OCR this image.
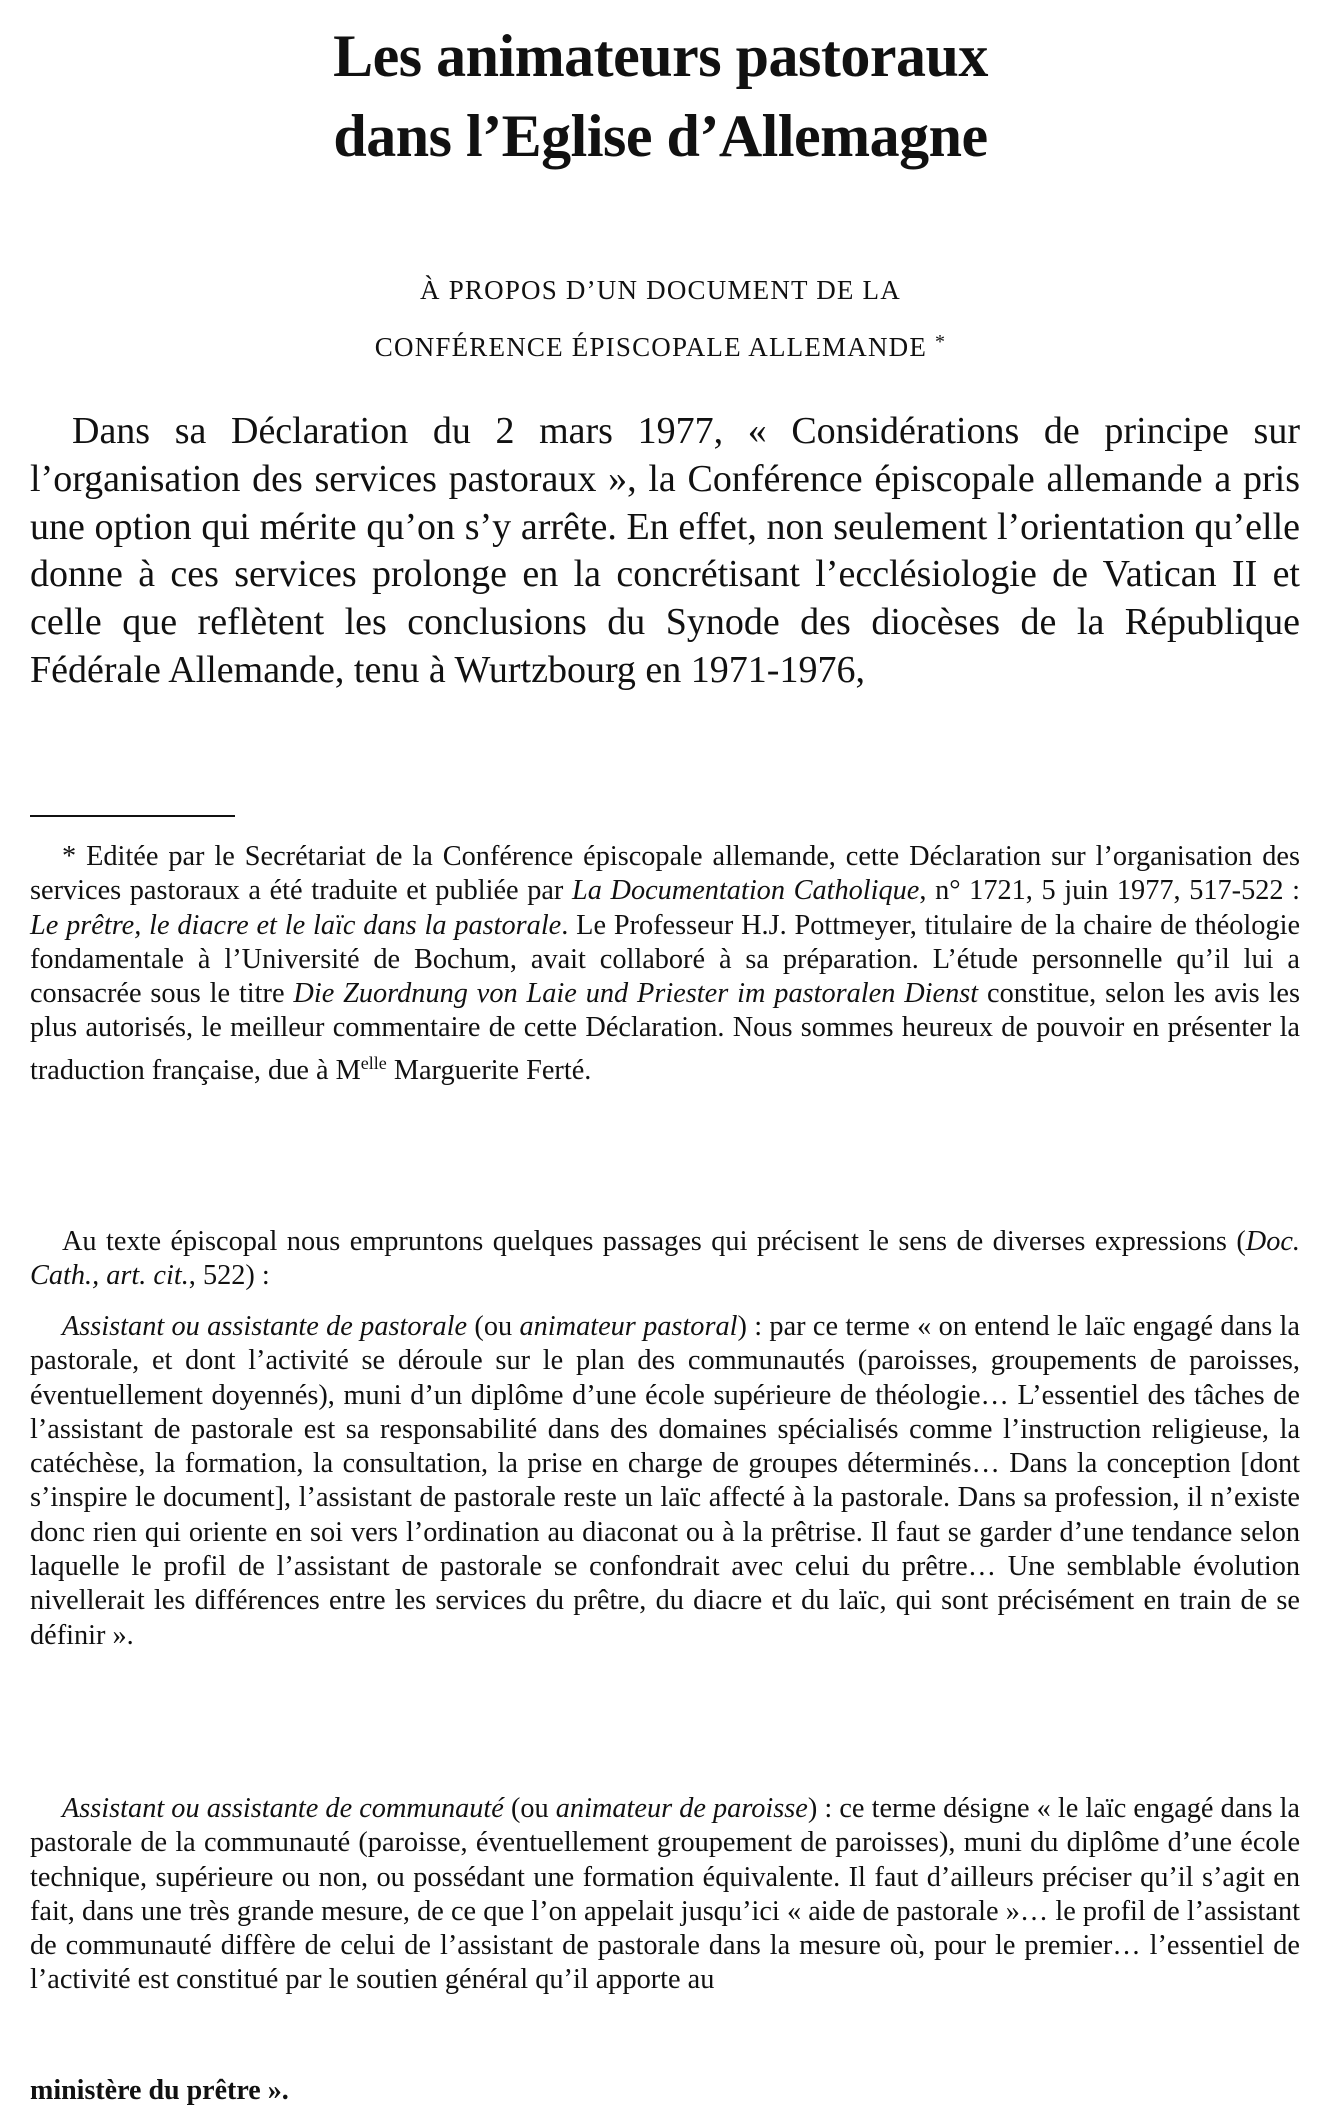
Les animateurs pastoraux
dans l’Eglise d’Allemagne
À PROPOS D’UN DOCUMENT DE LA
CONFÉRENCE ÉPISCOPALE ALLEMANDE *

Dans sa Déclaration du 2 mars 1977, « Considérations de principe sur l’organisation des services pastoraux », la Conférence épiscopale allemande a pris une option qui mérite qu’on s’y arrête. En effet, non seulement l’orientation qu’elle donne à ces services prolonge en la concrétisant l’ecclésiologie de Vatican II et celle que reflètent les conclusions du Synode des diocèses de la République Fédérale Allemande, tenu à Wurtzbourg en 1971-1976,

* Editée par le Secrétariat de la Conférence épiscopale allemande, cette Déclaration sur l’organisation des services pastoraux a été traduite et publiée par La Documentation Catholique, n° 1721, 5 juin 1977, 517-522 : Le prêtre, le diacre et le laïc dans la pastorale. Le Professeur H.J. Pottmeyer, titulaire de la chaire de théologie fondamentale à l’Université de Bochum, avait collaboré à sa préparation. L’étude personnelle qu’il lui a consacrée sous le titre Die Zuordnung von Laie und Priester im pastoralen Dienst constitue, selon les avis les plus autorisés, le meilleur commentaire de cette Déclaration. Nous sommes heureux de pouvoir en présenter la traduction française, due à $M^{elle}$ Marguerite Ferté.

Au texte épiscopal nous empruntons quelques passages qui précisent le sens de diverses expressions (Doc. Cath., art. cit., 522) :

Assistant ou assistante de pastorale (ou animateur pastoral) : par ce terme « on entend le laïc engagé dans la pastorale, et dont l’activité se déroule sur le plan des communautés (paroisses, groupements de paroisses, éventuellement doyennés), muni d’un diplôme d’une école supérieure de théologie… L’essentiel des tâches de l’assistant de pastorale est sa responsabilité dans des domaines spécialisés comme l’instruction religieuse, la catéchèse, la formation, la consultation, la prise en charge de groupes déterminés… Dans la conception [dont s’inspire le document], l’assistant de pastorale reste un laïc affecté à la pastorale. Dans sa profession, il n’existe donc rien qui oriente en soi vers l’ordination au diaconat ou à la prêtrise. Il faut se garder d’une tendance selon laquelle le profil de l’assistant de pastorale se confondrait avec celui du prêtre… Une semblable évolution nivellerait les différences entre les services du prêtre, du diacre et du laïc, qui sont précisément en train de se définir ».

Assistant ou assistante de communauté (ou animateur de paroisse) : ce terme désigne « le laïc engagé dans la pastorale de la communauté (paroisse, éventuellement groupement de paroisses), muni du diplôme d’une école technique, supérieure ou non, ou possédant une formation équivalente. Il faut d’ailleurs préciser qu’il s’agit en fait, dans une très grande mesure, de ce que l’on appelait jusqu’ici « aide de pastorale »… le profil de l’assistant de communauté diffère de celui de l’assistant de pastorale dans la mesure où, pour le premier… l’essentiel de l’activité est constitué par le soutien général qu’il apporte au

ministère du prêtre ».
